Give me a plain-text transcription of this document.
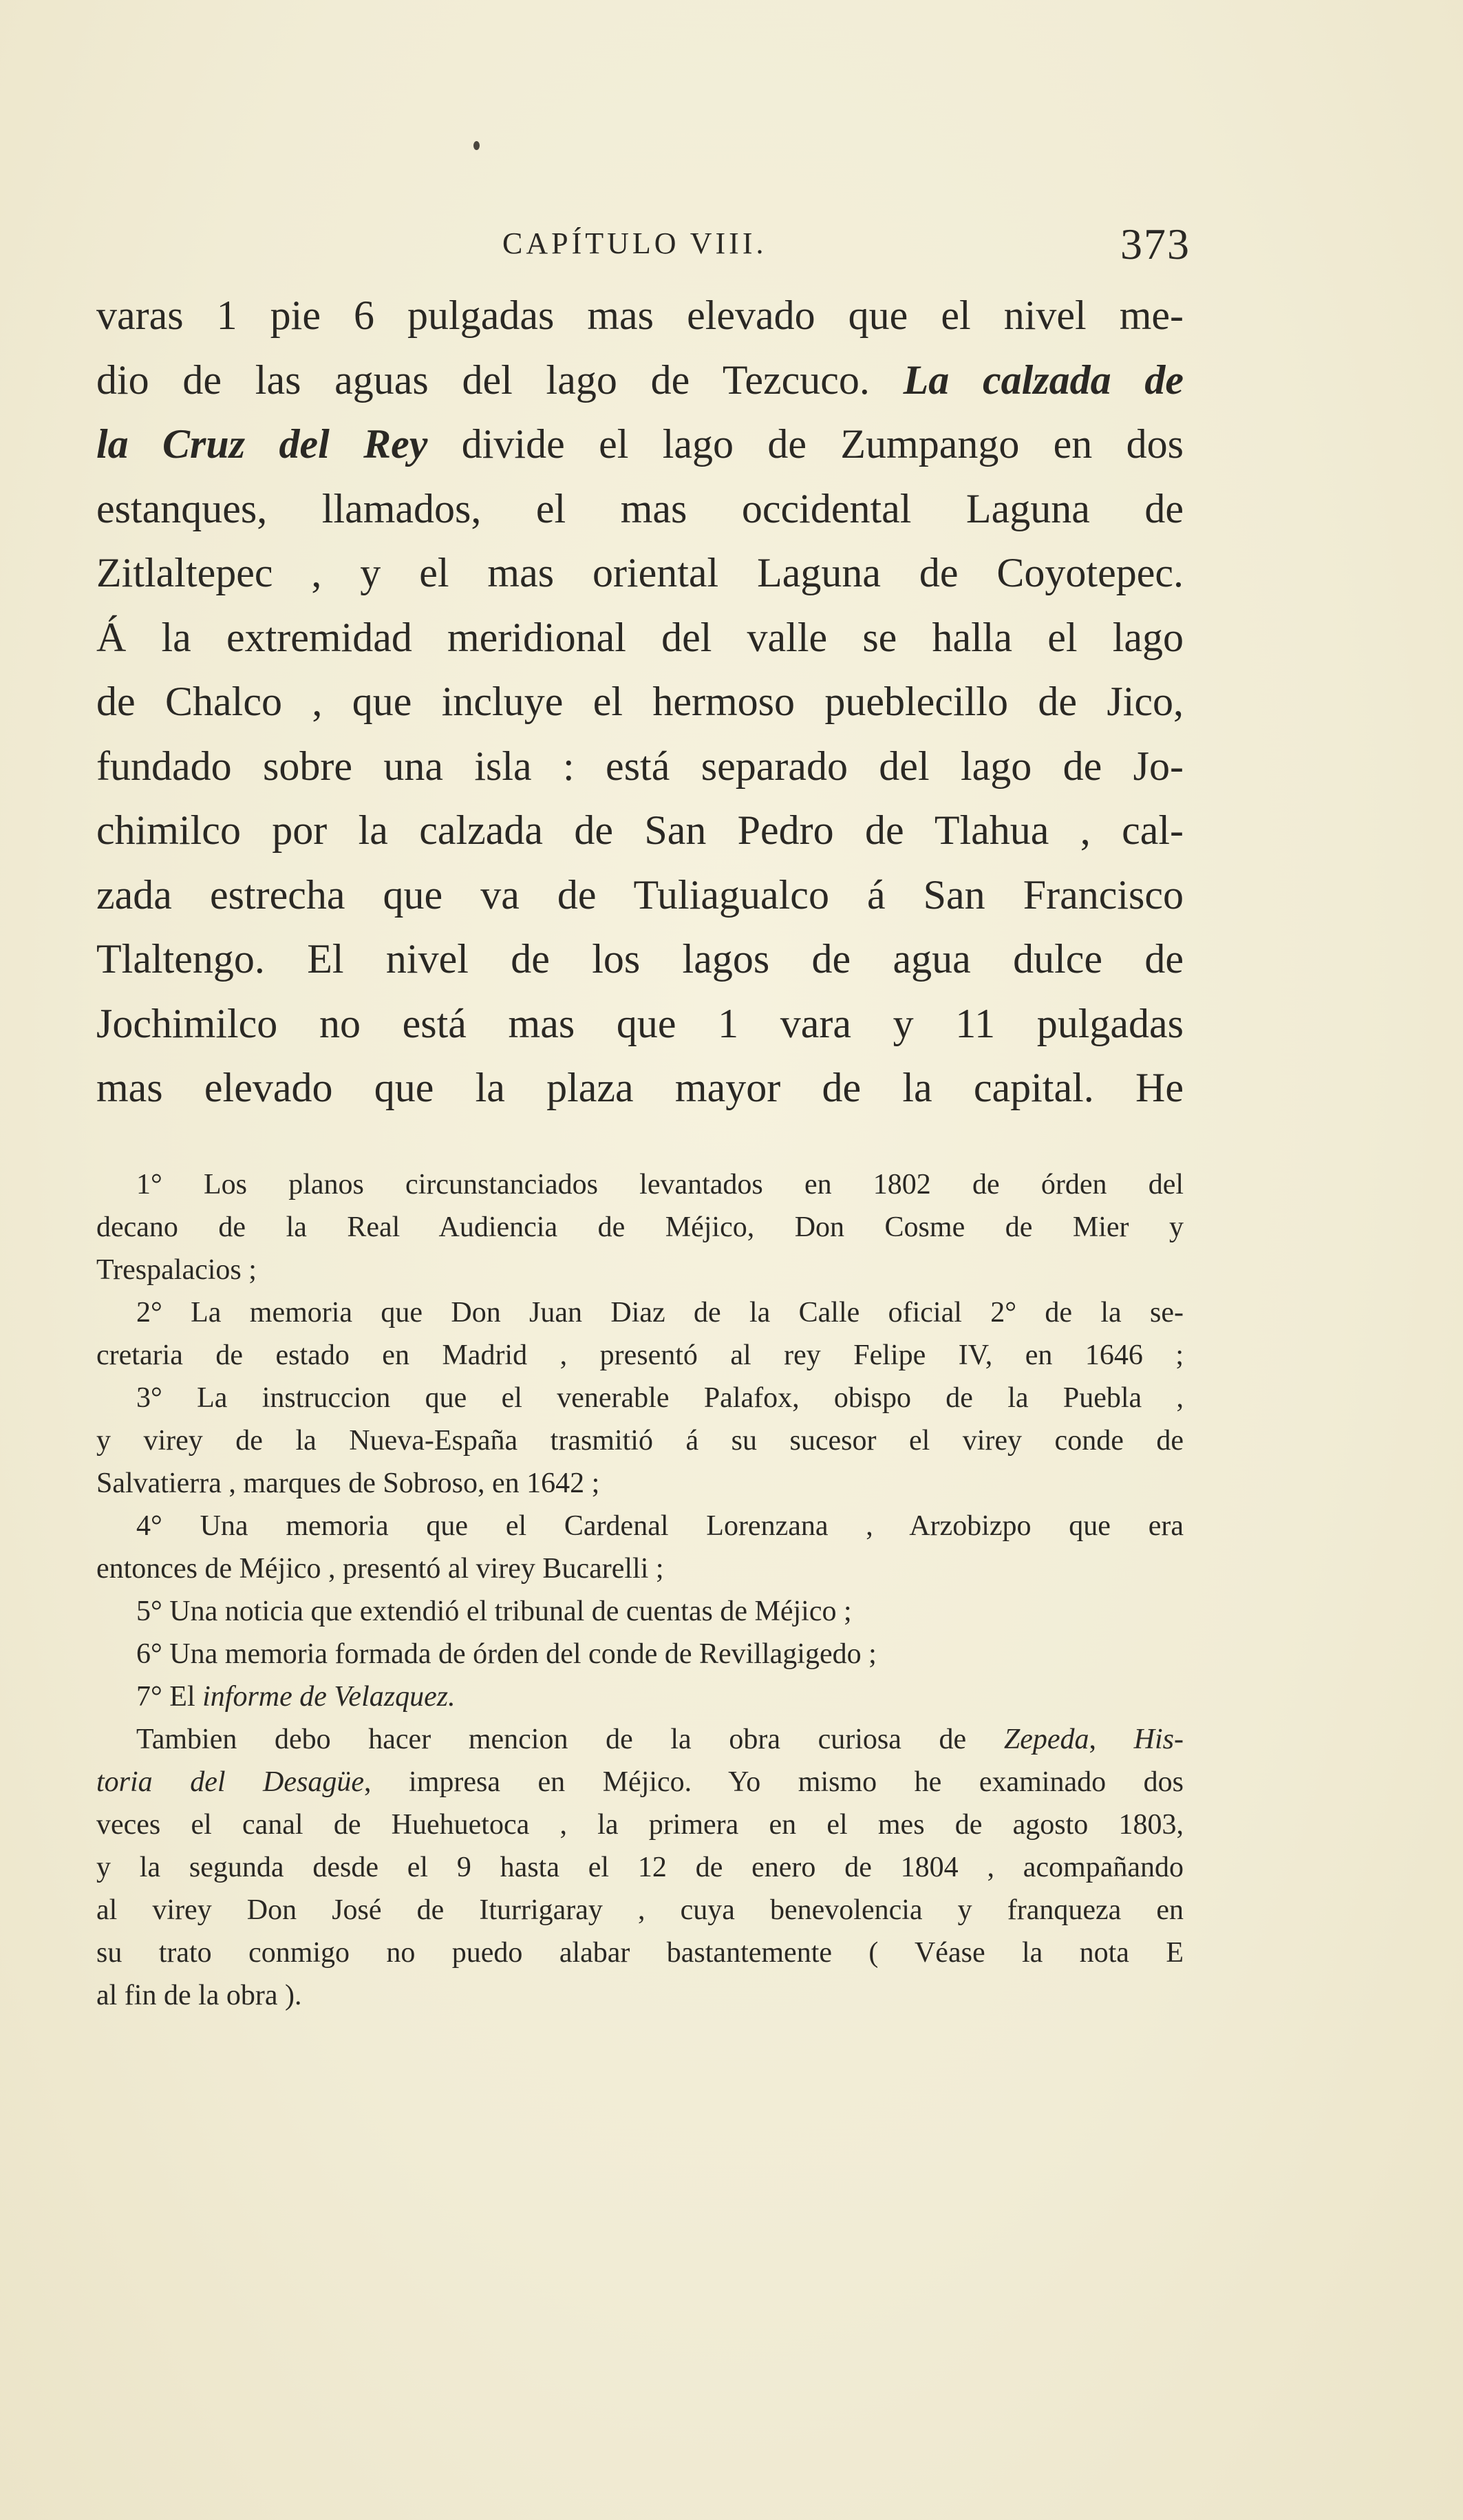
CAPÍTULO VIII.	373
varas 1 pie 6 pulgadas mas elevado que el nivel me-
dio de las aguas del lago de Tezcuco. La calzada de
la Cruz del Rey divide el lago de Zumpango en dos
estanques, llamados, el mas occidental Laguna de
Zitlaltepec , y el mas oriental Laguna de Coyotepec.
Á la extremidad meridional del valle se halla el lago
de Chalco , que incluye el hermoso pueblecillo de Jico,
fundado sobre una isla : está separado del lago de Jo-
chimilco por la calzada de San Pedro de Tlahua , cal-
zada estrecha que va de Tuliagualco á San Francisco
Tlaltengo. El nivel de los lagos de agua dulce de
Jochimilco no está mas que 1 vara y 11 pulgadas
mas elevado que la plaza mayor de la capital. He
1° Los planos circunstanciados levantados en 1802 de órden del
decano de la Real Audiencia de Méjico, Don Cosme de Mier y
Trespalacios ;
2° La memoria que Don Juan Diaz de la Calle oficial 2° de la se-
cretaria de estado en Madrid , presentó al rey Felipe IV, en 1646 ;
3° La instruccion que el venerable Palafox, obispo de la Puebla ,
y virey de la Nueva-España trasmitió á su sucesor el virey conde de
Salvatierra , marques de Sobroso, en 1642 ;
4° Una memoria que el Cardenal Lorenzana , Arzobizpo que era
entonces de Méjico , presentó al virey Bucarelli ;
5° Una noticia que extendió el tribunal de cuentas de Méjico ;
6° Una memoria formada de órden del conde de Revillagigedo ;
7° El informe de Velazquez.
Tambien debo hacer mencion de la obra curiosa de Zepeda, His-
toria del Desagüe, impresa en Méjico. Yo mismo he examinado dos
veces el canal de Huehuetoca , la primera en el mes de agosto 1803,
y la segunda desde el 9 hasta el 12 de enero de 1804 , acompañando
al virey Don José de Iturrigaray , cuya benevolencia y franqueza en
su trato conmigo no puedo alabar bastantemente ( Véase la nota E
al fin de la obra ).
